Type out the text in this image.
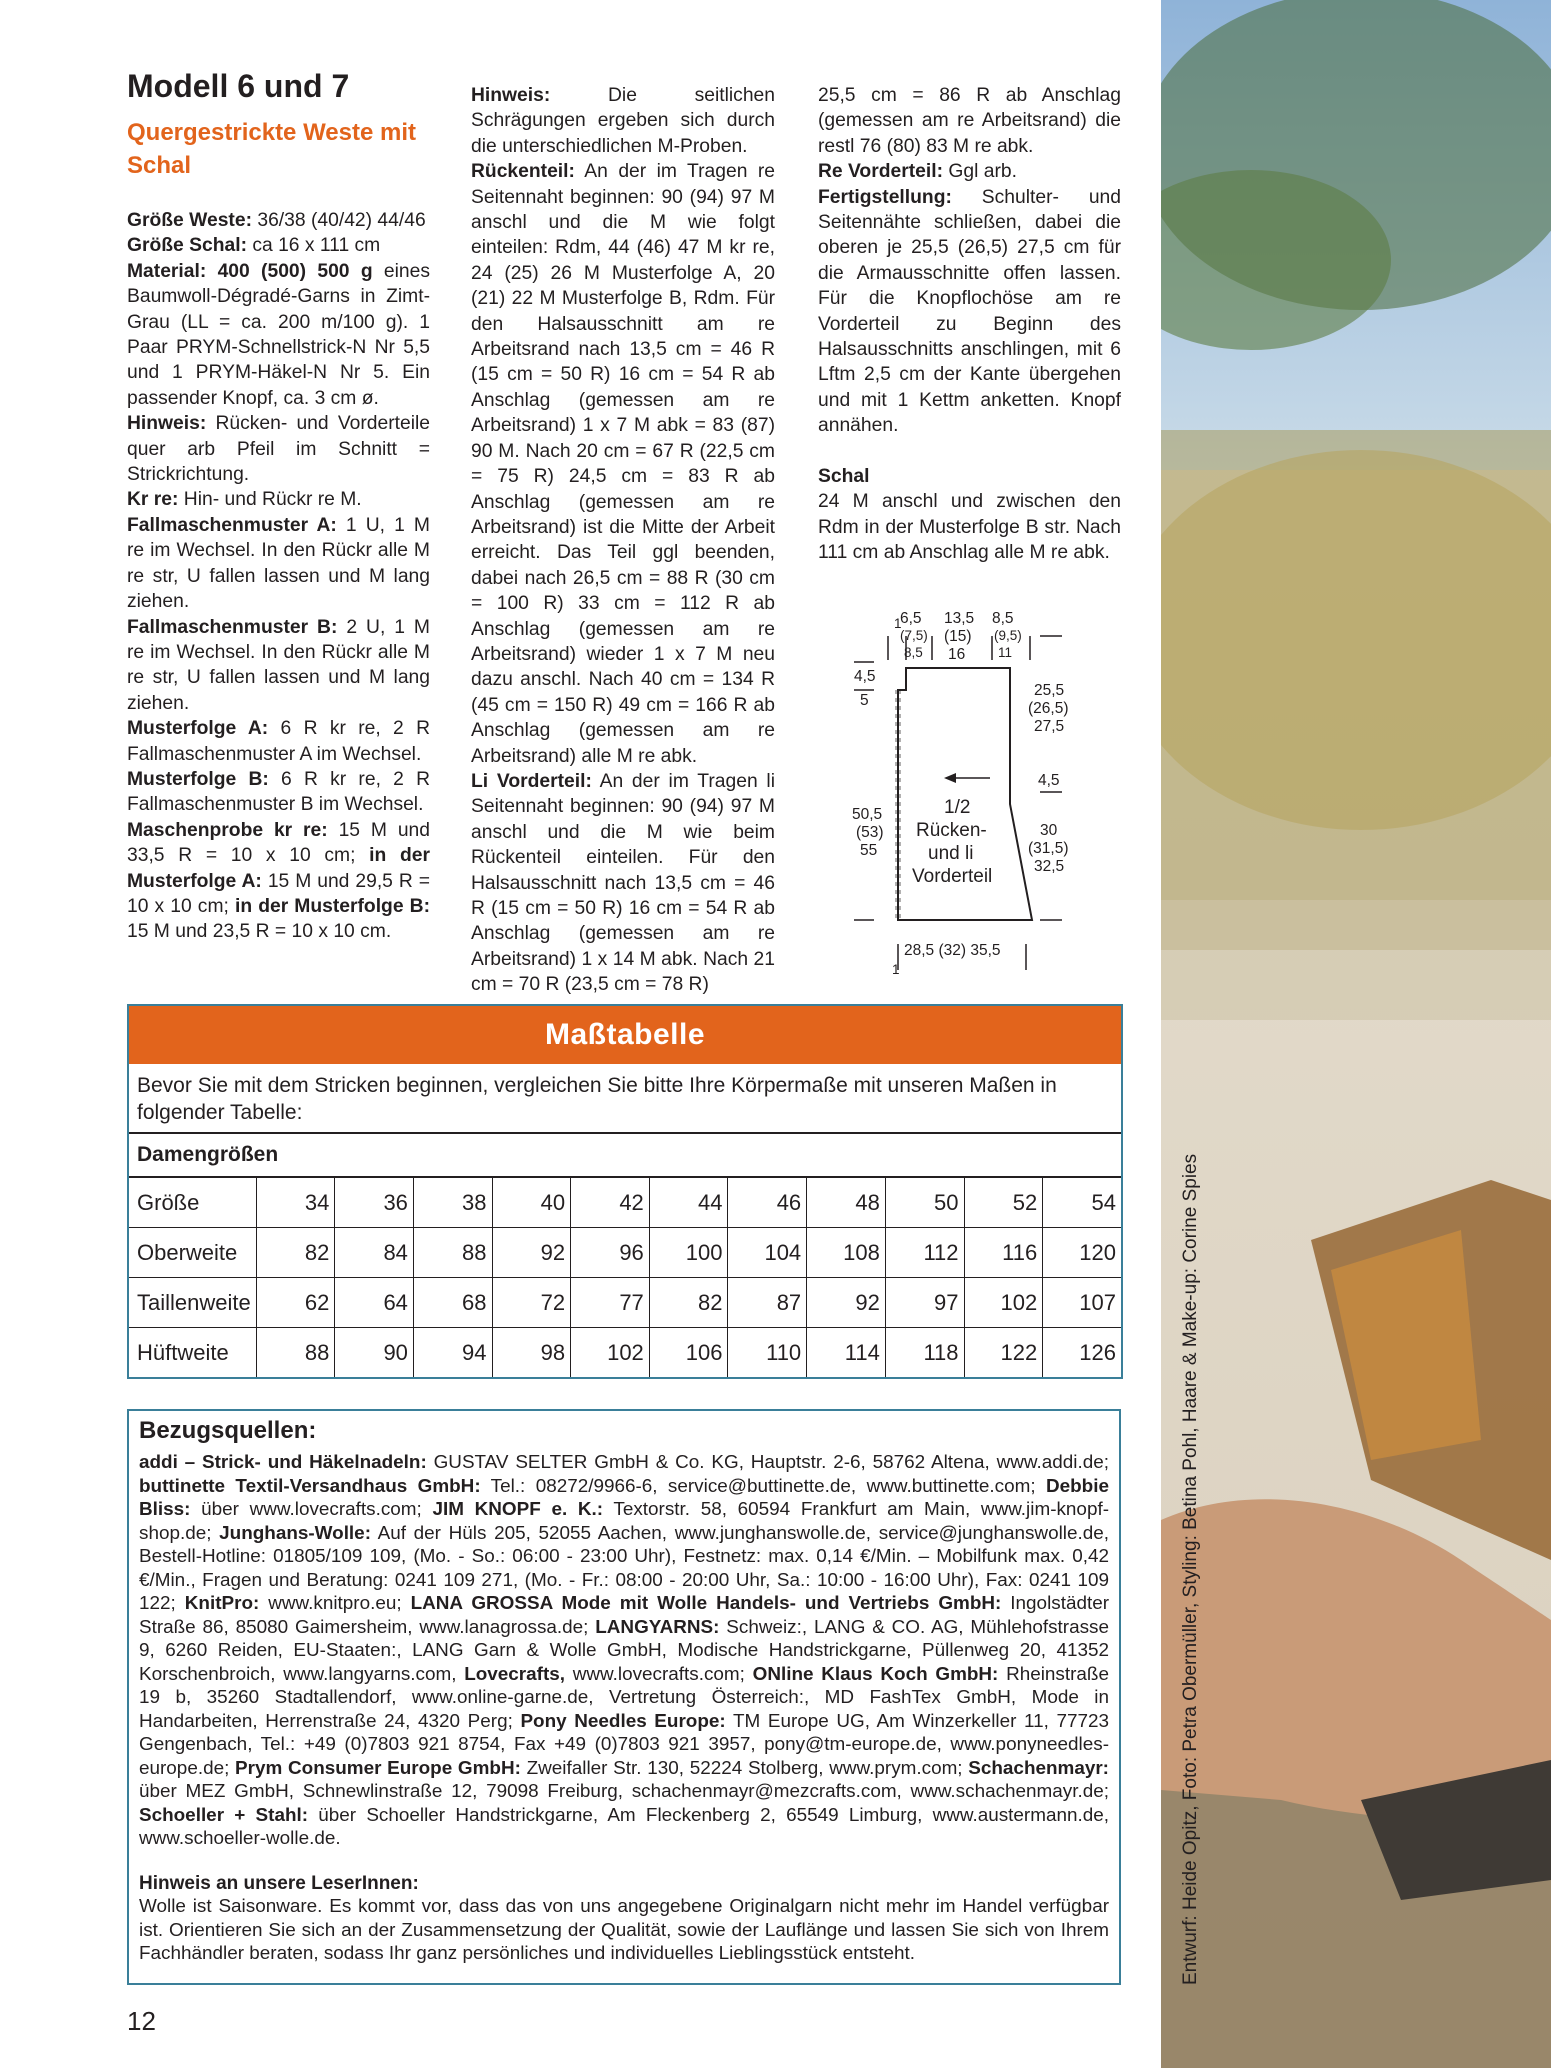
Modell 6 und 7
Quergestrickte Weste mit Schal

Größe Weste: 36/38 (40/42) 44/46

Größe Schal: ca 16 x 111 cm

Material: 400 (500) 500 g eines Baumwoll-Dégradé-Garns in Zimt-Grau (LL = ca. 200 m/100 g). 1 Paar PRYM-Schnellstrick-N Nr 5,5 und 1 PRYM-Häkel-N Nr 5. Ein passender Knopf, ca. 3 cm ø.

Hinweis: Rücken- und Vorderteile quer arb Pfeil im Schnitt = Strickrichtung.

Kr re: Hin- und Rückr re M.

Fallmaschenmuster A: 1 U, 1 M re im Wechsel. In den Rückr alle M re str, U fallen lassen und M lang ziehen.

Fallmaschenmuster B: 2 U, 1 M re im Wechsel. In den Rückr alle M re str, U fallen lassen und M lang ziehen.

Musterfolge A: 6 R kr re, 2 R Fallmaschenmuster A im Wechsel.

Musterfolge B: 6 R kr re, 2 R Fallmaschenmuster B im Wechsel.

Maschenprobe kr re: 15 M und 33,5 R = 10 x 10 cm; in der Musterfolge A: 15 M und 29,5 R = 10 x 10 cm; in der Musterfolge B: 15 M und 23,5 R = 10 x 10 cm.

Hinweis: Die seitlichen Schrägungen ergeben sich durch die unterschiedlichen M-Proben.

Rückenteil: An der im Tragen re Seitennaht beginnen: 90 (94) 97 M anschl und die M wie folgt einteilen: Rdm, 44 (46) 47 M kr re, 24 (25) 26 M Musterfolge A, 20 (21) 22 M Musterfolge B, Rdm. Für den Halsausschnitt am re Arbeitsrand nach 13,5 cm = 46 R (15 cm = 50 R) 16 cm = 54 R ab Anschlag (gemessen am re Arbeitsrand) 1 x 7 M abk = 83 (87) 90 M. Nach 20 cm = 67 R (22,5 cm = 75 R) 24,5 cm = 83 R ab Anschlag (gemessen am re Arbeitsrand) ist die Mitte der Arbeit erreicht. Das Teil ggl beenden, dabei nach 26,5 cm = 88 R (30 cm = 100 R) 33 cm = 112 R ab Anschlag (gemessen am re Arbeitsrand) wieder 1 x 7 M neu dazu anschl. Nach 40 cm = 134 R (45 cm = 150 R) 49 cm = 166 R ab Anschlag (gemessen am re Arbeitsrand) alle M re abk.

Li Vorderteil: An der im Tragen li Seitennaht beginnen: 90 (94) 97 M anschl und die M wie beim Rückenteil einteilen. Für den Halsausschnitt nach 13,5 cm = 46 R (15 cm = 50 R) 16 cm = 54 R ab Anschlag (gemessen am re Arbeitsrand) 1 x 14 M abk. Nach 21 cm = 70 R (23,5 cm = 78 R)

25,5 cm = 86 R ab Anschlag (gemessen am re Arbeitsrand) die restl 76 (80) 83 M re abk.

Re Vorderteil: Ggl arb.

Fertigstellung: Schulter- und Seitennähte schließen, dabei die oberen je 25,5 (26,5) 27,5 cm für die Armausschnitte offen lassen. Für die Knopflochöse am re Vorderteil zu Beginn des Halsausschnitts anschlingen, mit 6 Lftm 2,5 cm der Kante übergehen und mit 1 Kettm anketten. Knopf annähen.

Schal

24 M anschl und zwischen den Rdm in der Musterfolge B str. Nach 111 cm ab Anschlag alle M re abk.

1
6,5
(7,5)
8,5
13,5
(15)
16
8,5
(9,5)
11
4,5
5
25,5
(26,5)
27,5
4,5
30
(31,5)
32,5
50,5
(53)
55
1/2
Rücken-
und li
Vorderteil
28,5 (32) 35,5
1
Maßtabelle
Bevor Sie mit dem Stricken beginnen, vergleichen Sie bitte Ihre Körpermaße mit unseren Maßen in folgender Tabelle:
Damengrößen
Größe	34	36	38	40	42	44	46	48	50	52	54
Oberweite	82	84	88	92	96	100	104	108	112	116	120
Taillenweite	62	64	68	72	77	82	87	92	97	102	107
Hüftweite	88	90	94	98	102	106	110	114	118	122	126
Bezugsquellen:

addi – Strick- und Häkelnadeln: GUSTAV SELTER GmbH & Co. KG, Hauptstr. 2-6, 58762 Altena, www.addi.de; buttinette Textil-Versandhaus GmbH: Tel.: 08272/9966-6, service@buttinette.de, www.buttinette.com; Debbie Bliss: über www.lovecrafts.com; JIM KNOPF e. K.: Textorstr. 58, 60594 Frankfurt am Main, www.jim-knopf-shop.de; Junghans-Wolle: Auf der Hüls 205, 52055 Aachen, www.junghanswolle.de, service@junghanswolle.de, Bestell-Hotline: 01805/109 109, (Mo. - So.: 06:00 - 23:00 Uhr), Festnetz: max. 0,14 €/Min. – Mobilfunk max. 0,42 €/Min., Fragen und Beratung: 0241 109 271, (Mo. - Fr.: 08:00 - 20:00 Uhr, Sa.: 10:00 - 16:00 Uhr), Fax: 0241 109 122; KnitPro: www.knitpro.eu; LANA GROSSA Mode mit Wolle Handels- und Vertriebs GmbH: Ingolstädter Straße 86, 85080 Gaimersheim, www.lanagrossa.de; LANGYARNS: Schweiz:, LANG & CO. AG, Mühlehofstrasse 9, 6260 Reiden, EU-Staaten:, LANG Garn & Wolle GmbH, Modische Handstrickgarne, Püllenweg 20, 41352 Korschenbroich, www.langyarns.com, Lovecrafts, www.lovecrafts.com; ONline Klaus Koch GmbH: Rheinstraße 19 b, 35260 Stadtallendorf, www.online-garne.de, Vertretung Österreich:, MD FashTex GmbH, Mode in Handarbeiten, Herrenstraße 24, 4320 Perg; Pony Needles Europe: TM Europe UG, Am Winzerkeller 11, 77723 Gengenbach, Tel.: +49 (0)7803 921 8754, Fax +49 (0)7803 921 3957, pony@tm-europe.de, www.ponyneedles-europe.de; Prym Consumer Europe GmbH: Zweifaller Str. 130, 52224 Stolberg, www.prym.com; Schachenmayr: über MEZ GmbH, Schnewlinstraße 12, 79098 Freiburg, schachenmayr@mezcrafts.com, www.schachenmayr.de; Schoeller + Stahl: über Schoeller Handstrickgarne, Am Fleckenberg 2, 65549 Limburg, www.austermann.de, www.schoeller-wolle.de.

Hinweis an unsere LeserInnen:

Wolle ist Saisonware. Es kommt vor, dass das von uns angegebene Originalgarn nicht mehr im Handel verfügbar ist. Orientieren Sie sich an der Zusammensetzung der Qualität, sowie der Lauflänge und lassen Sie sich von Ihrem Fachhändler beraten, sodass Ihr ganz persönliches und individuelles Lieblingsstück entsteht.

12
Entwurf: Heide Opitz, Foto: Petra Obermüller, Styling: Betina Pohl, Haare & Make-up: Corine Spies
